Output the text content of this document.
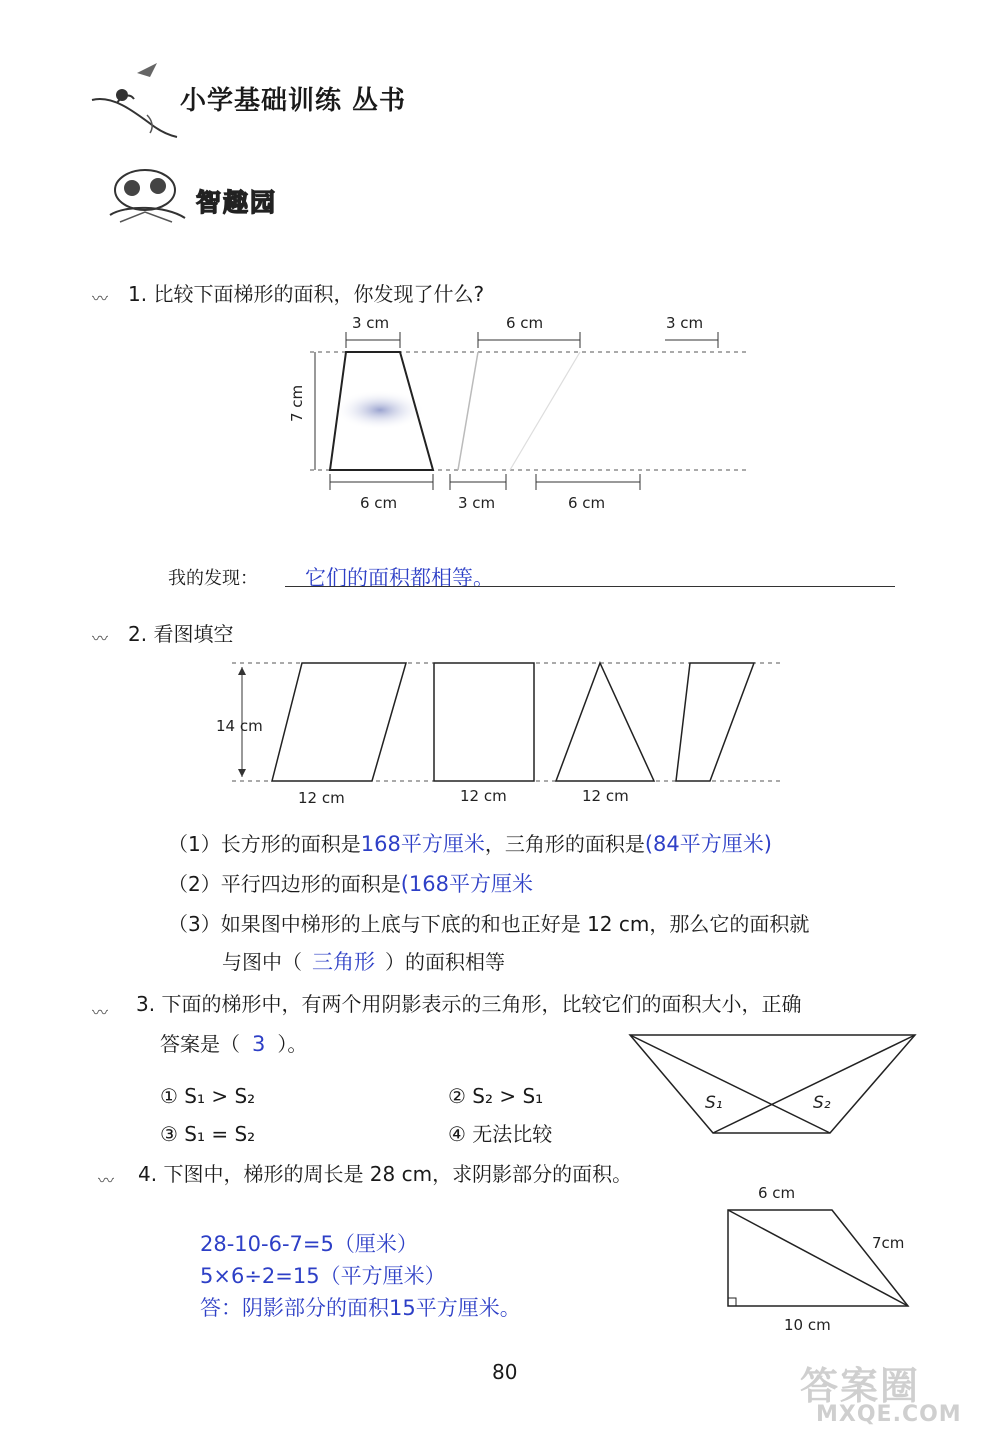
小学基础训练 丛书
智趣园
〰 1. 比较下面梯形的面积，你发现了什么?
3 cm	6 cm	3 cm
7 cm
6 cm	3 cm	6 cm
我的发现： 它们的面积都相等。
〰 2. 看图填空
14 cm
12 cm	12 cm	12 cm
（1）长方形的面积是168平方厘米，三角形的面积是(84平方厘米)
（2）平行四边形的面积是(168平方厘米
（3）如果图中梯形的上底与下底的和也正好是 12 cm，那么它的面积就
与图中（ 三角形 ）的面积相等
〰 3. 下面的梯形中，有两个用阴影表示的三角形，比较它们的面积大小，正确
答案是（ 3 ）。
① S₁ > S₂	② S₂ > S₁
③ S₁ = S₂	④ 无法比较
S₁	S₂
〰 4. 下图中，梯形的周长是 28 cm，求阴影部分的面积。
28-10-6-7=5（厘米）
5×6÷2=15（平方厘米）
答：阴影部分的面积15平方厘米。
6 cm
7cm
10 cm
80	答案圈
MXQE.COM
